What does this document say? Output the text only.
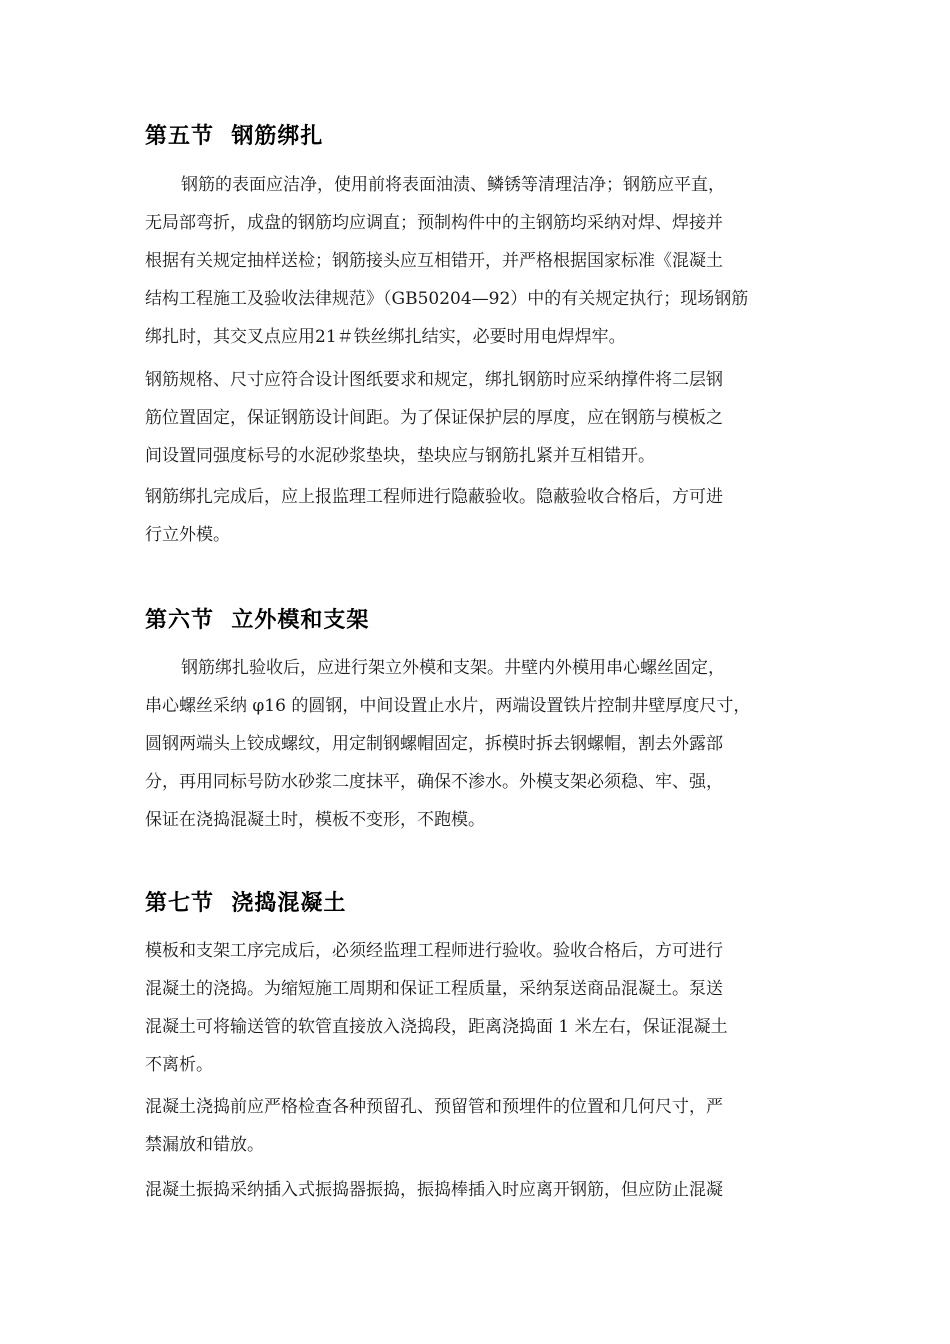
第五节  钢筋绑扎
钢筋的表面应洁净，使用前将表面油渍、鳞锈等清理洁净；钢筋应平直，
无局部弯折，成盘的钢筋均应调直；预制构件中的主钢筋均采纳对焊、焊接并
根据有关规定抽样送检；钢筋接头应互相错开，并严格根据国家标准《混凝土
结构工程施工及验收法律规范》（GB50204—92）中的有关规定执行；现场钢筋
绑扎时，其交叉点应用21＃铁丝绑扎结实，必要时用电焊焊牢。
钢筋规格、尺寸应符合设计图纸要求和规定，绑扎钢筋时应采纳撑件将二层钢
筋位置固定，保证钢筋设计间距。为了保证保护层的厚度，应在钢筋与模板之
间设置同强度标号的水泥砂浆垫块，垫块应与钢筋扎紧并互相错开。
钢筋绑扎完成后，应上报监理工程师进行隐蔽验收。隐蔽验收合格后，方可进
行立外模。
第六节  立外模和支架
钢筋绑扎验收后，应进行架立外模和支架。井壁内外模用串心螺丝固定，
串心螺丝采纳 φ16 的圆钢，中间设置止水片，两端设置铁片控制井壁厚度尺寸，
圆钢两端头上铰成螺纹，用定制钢螺帽固定，拆模时拆去钢螺帽，割去外露部
分，再用同标号防水砂浆二度抹平，确保不渗水。外模支架必须稳、牢、强，
保证在浇捣混凝土时，模板不变形，不跑模。
第七节  浇捣混凝土
模板和支架工序完成后，必须经监理工程师进行验收。验收合格后，方可进行
混凝土的浇捣。为缩短施工周期和保证工程质量，采纳泵送商品混凝土。泵送
混凝土可将输送管的软管直接放入浇捣段，距离浇捣面 1 米左右，保证混凝土
不离析。
混凝土浇捣前应严格检查各种预留孔、预留管和预埋件的位置和几何尺寸，严
禁漏放和错放。
混凝土振捣采纳插入式振捣器振捣，振捣棒插入时应离开钢筋，但应防止混凝
